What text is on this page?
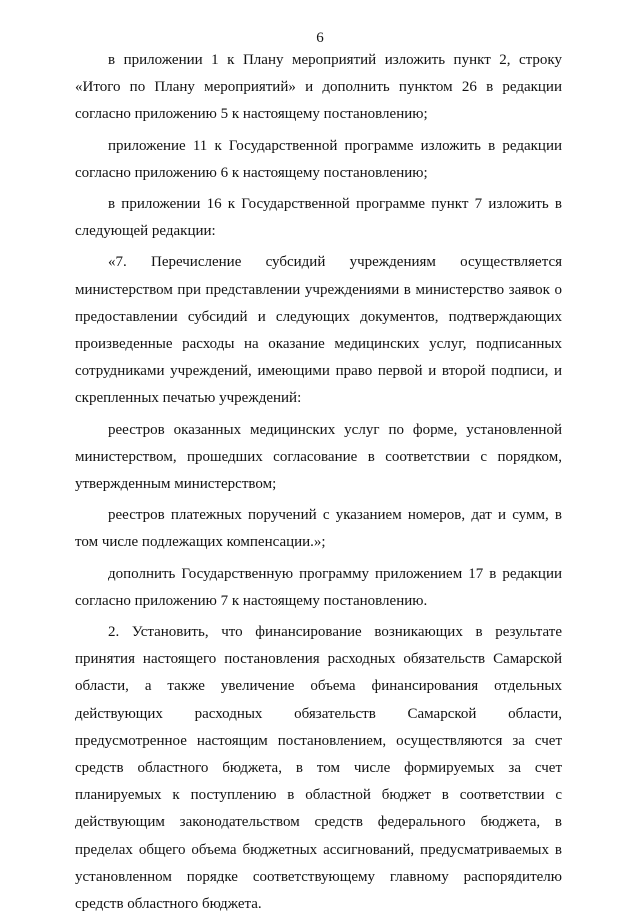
6

в приложении 1 к Плану мероприятий изложить пункт 2, строку «Итого по Плану мероприятий» и дополнить пунктом 26 в редакции согласно приложению 5 к настоящему постановлению;

приложение 11 к Государственной программе изложить в редакции согласно приложению 6 к настоящему постановлению;

в приложении 16 к Государственной программе пункт 7 изложить в следующей редакции:

«7. Перечисление субсидий учреждениям осуществляется министерством при представлении учреждениями в министерство заявок о предоставлении субсидий и следующих документов, подтверждающих произведенные расходы на оказание медицинских услуг, подписанных сотрудниками учреждений, имеющими право первой и второй подписи, и скрепленных печатью учреждений:

реестров оказанных медицинских услуг по форме, установленной министерством, прошедших согласование в соответствии с порядком, утвержденным министерством;

реестров платежных поручений с указанием номеров, дат и сумм, в том числе подлежащих компенсации.»;

дополнить Государственную программу приложением 17 в редакции согласно приложению 7 к настоящему постановлению.

2. Установить, что финансирование возникающих в результате принятия настоящего постановления расходных обязательств Самарской области, а также увеличение объема финансирования отдельных действующих расходных обязательств Самарской области, предусмотренное настоящим постановлением, осуществляются за счет средств областного бюджета, в том числе формируемых за счет планируемых к поступлению в областной бюджет в соответствии с действующим законодательством средств федерального бюджета, в пределах общего объема бюджетных ассигнований, предусматриваемых в установленном порядке соответствующему главному распорядителю средств областного бюджета.
